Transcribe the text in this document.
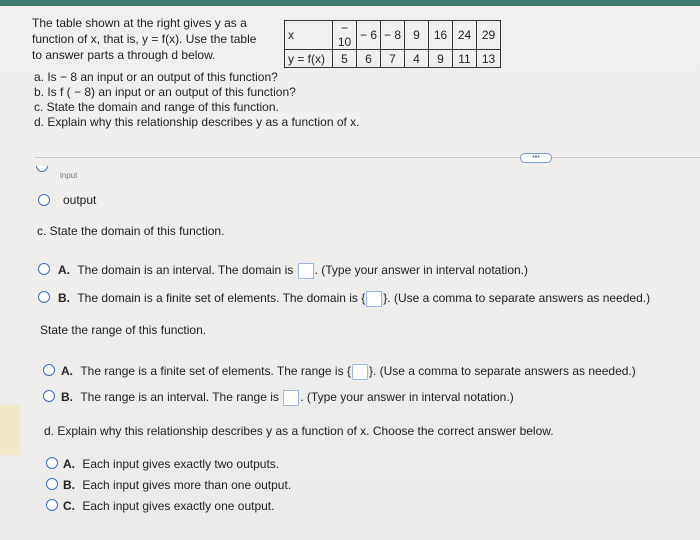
The table shown at the right gives y as a
function of x, that is, y = f(x). Use the table
to answer parts a through d below.
x	− 10	− 6	− 8	9	16	24	29
y = f(x)	5	6	7	4	9	11	13
a. Is − 8 an input or an output of this function?
b. Is f ( − 8) an input or an output of this function?
c. State the domain and range of this function.
d. Explain why this relationship describes y as a function of x.
•••
input
output
c. State the domain of this function.
A. The domain is an interval. The domain is . (Type your answer in interval notation.)
B. The domain is a finite set of elements. The domain is { }. (Use a comma to separate answers as needed.)
State the range of this function.
A. The range is a finite set of elements. The range is { }. (Use a comma to separate answers as needed.)
B. The range is an interval. The range is . (Type your answer in interval notation.)
d. Explain why this relationship describes y as a function of x. Choose the correct answer below.
A. Each input gives exactly two outputs.
B. Each input gives more than one output.
C. Each input gives exactly one output.
